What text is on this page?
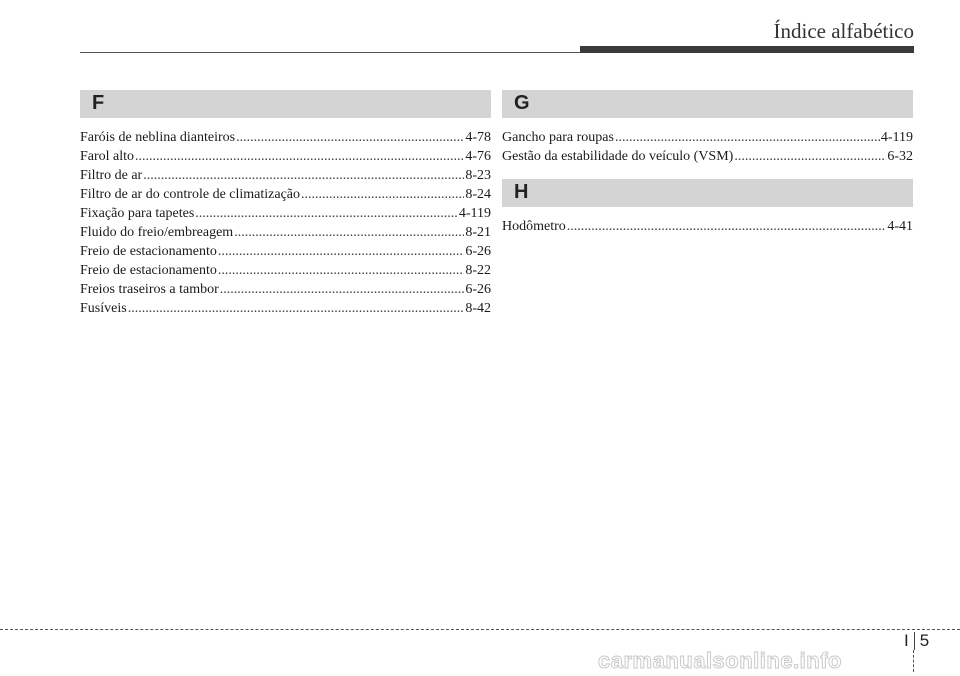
Índice alfabético
F
Faróis de neblina dianteiros .....	4-78
Farol alto .....	4-76
Filtro de ar .....	8-23
Filtro de ar do controle de climatização .....	8-24
Fixação para tapetes .....	4-119
Fluido do freio/embreagem .....	8-21
Freio de estacionamento .....	6-26
Freio de estacionamento .....	8-22
Freios traseiros a tambor .....	6-26
Fusíveis .....	8-42
G
Gancho para roupas .....	4-119
Gestão da estabilidade do veículo (VSM) .....	6-32
H
Hodômetro .....	4-41
I 5
carmanualsonline.info
